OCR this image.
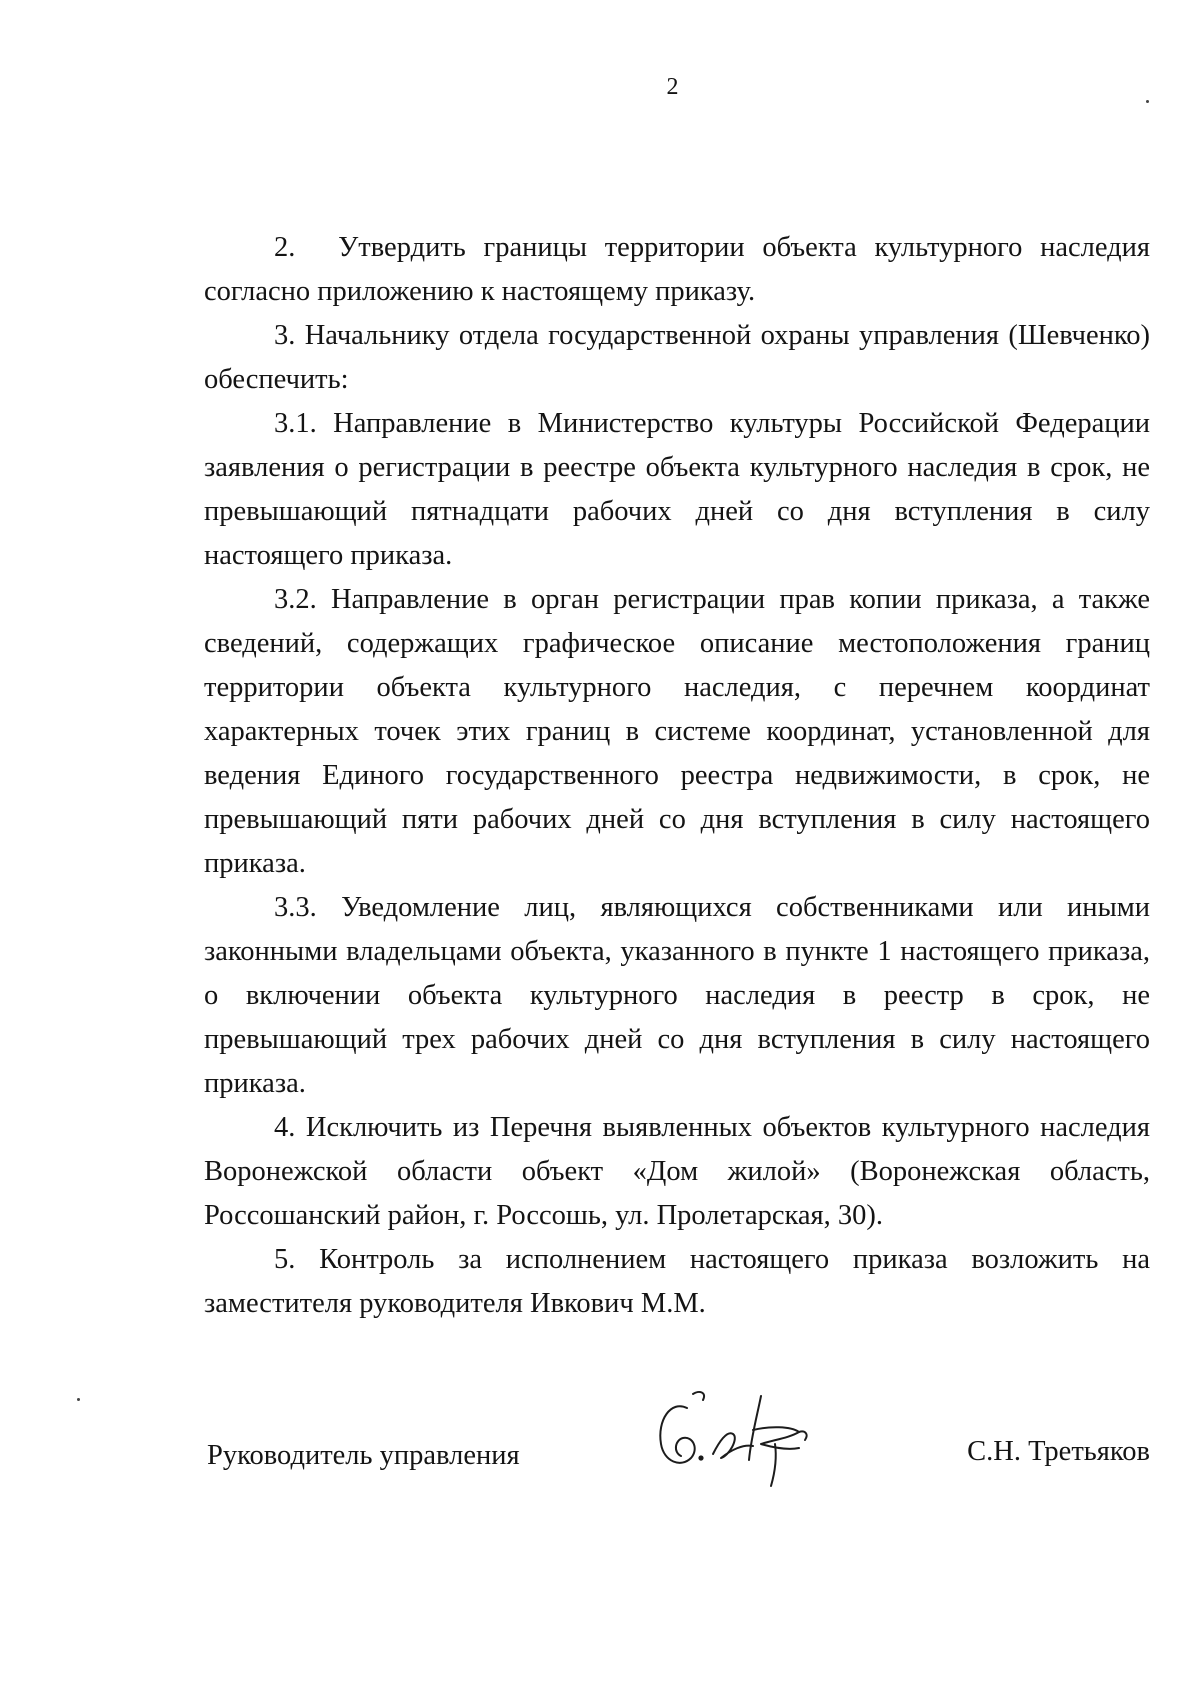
2

2.  Утвердить границы территории объекта культурного наследия согласно приложению к настоящему приказу.

3. Начальнику отдела государственной охраны управления (Шевченко) обеспечить:

3.1. Направление в Министерство культуры Российской Федерации заявления о регистрации в реестре объекта культурного наследия в срок, не превышающий пятнадцати рабочих дней со дня вступления в силу настоящего приказа.

3.2. Направление в орган регистрации прав копии приказа, а также сведений, содержащих графическое описание местоположения границ территории объекта культурного наследия, с перечнем координат характерных точек этих границ в системе координат, установленной для ведения Единого государственного реестра недвижимости, в срок, не превышающий пяти рабочих дней со дня вступления в силу настоящего приказа.

3.3. Уведомление лиц, являющихся собственниками или иными законными владельцами объекта, указанного в пункте 1 настоящего приказа, о включении объекта культурного наследия в реестр в срок, не превышающий трех рабочих дней со дня вступления в силу настоящего приказа.

4. Исключить из Перечня выявленных объектов культурного наследия Воронежской области объект «Дом жилой» (Воронежская область, Россошанский район, г. Россошь, ул. Пролетарская, 30).

5. Контроль за исполнением настоящего приказа возложить на заместителя руководителя Ивкович М.М.

Руководитель управления	С.Н. Третьяков
